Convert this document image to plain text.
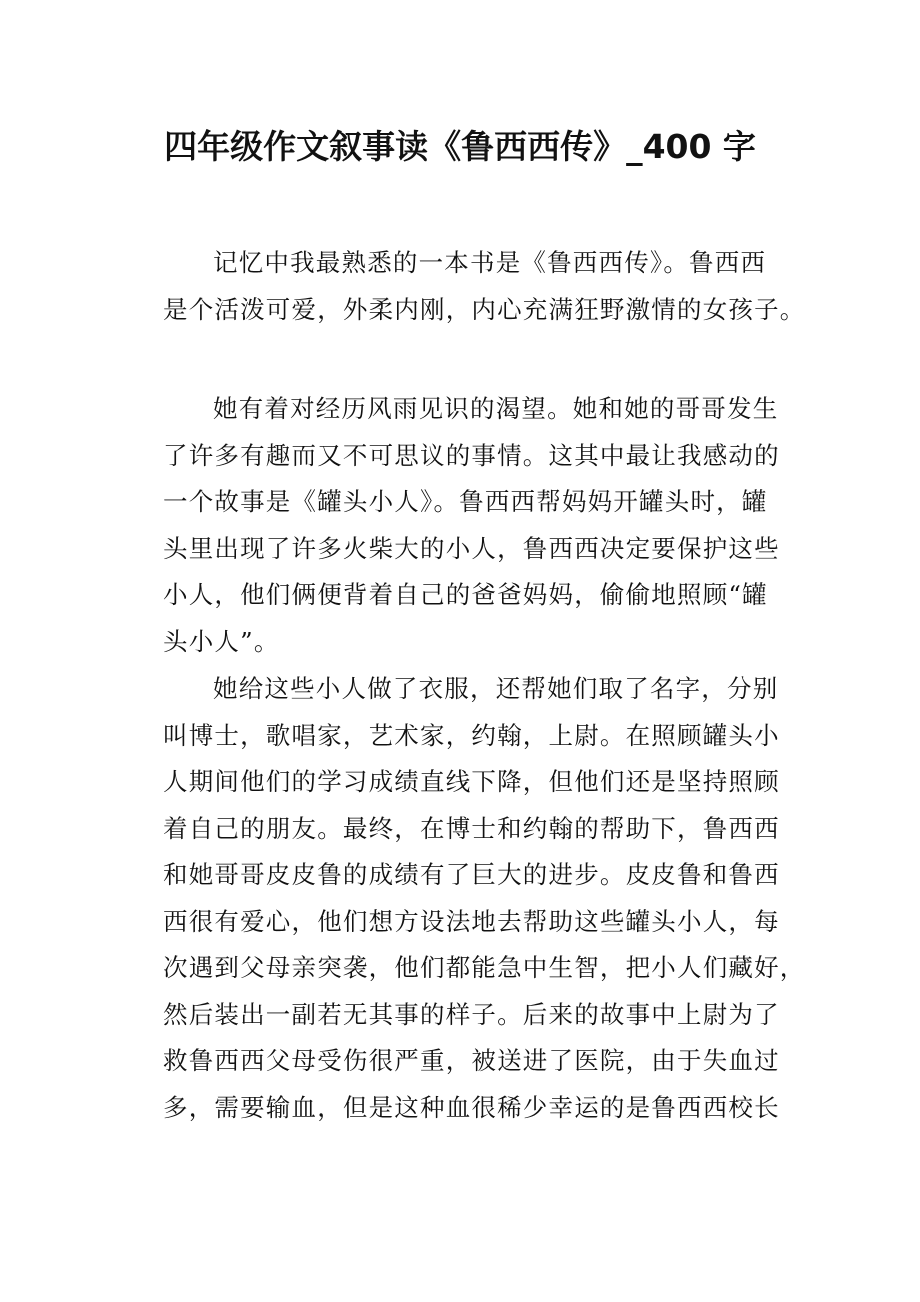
四年级作文叙事读《鲁西西传》_400 字
记忆中我最熟悉的一本书是《鲁西西传》。鲁西西
是个活泼可爱，外柔内刚，内心充满狂野激情的女孩子。
她有着对经历风雨见识的渴望。她和她的哥哥发生
了许多有趣而又不可思议的事情。这其中最让我感动的
一个故事是《罐头小人》。鲁西西帮妈妈开罐头时，罐
头里出现了许多火柴大的小人，鲁西西决定要保护这些
小人，他们俩便背着自己的爸爸妈妈，偷偷地照顾“罐
头小人”。
她给这些小人做了衣服，还帮她们取了名字，分别
叫博士，歌唱家，艺术家，约翰，上尉。在照顾罐头小
人期间他们的学习成绩直线下降，但他们还是坚持照顾
着自己的朋友。最终，在博士和约翰的帮助下，鲁西西
和她哥哥皮皮鲁的成绩有了巨大的进步。皮皮鲁和鲁西
西很有爱心，他们想方设法地去帮助这些罐头小人，每
次遇到父母亲突袭，他们都能急中生智，把小人们藏好，
然后装出一副若无其事的样子。后来的故事中上尉为了
救鲁西西父母受伤很严重，被送进了医院，由于失血过
多，需要输血，但是这种血很稀少幸运的是鲁西西校长
